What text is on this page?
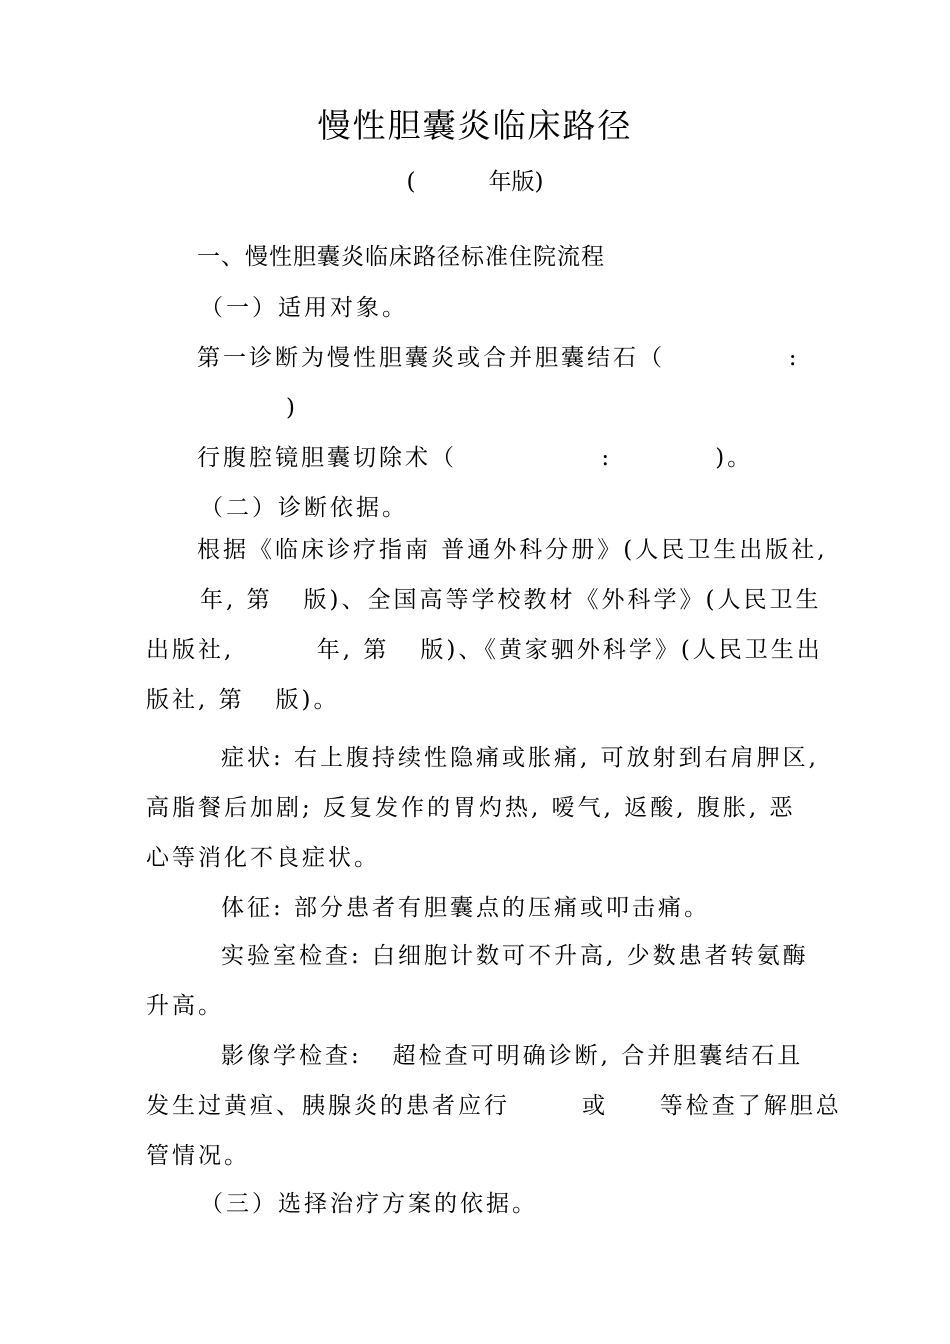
慢性胆囊炎临床路径
(          年版)
一、慢性胆囊炎临床路径标准住院流程
（一）适用对象。
第一诊断为慢性胆囊炎或合并胆囊结石（            :
)
行腹腔镜胆囊切除术（              :          )。
（二）诊断依据。
根据《临床诊疗指南 普通外科分册》(人民卫生出版社,
年, 第   版)、全国高等学校教材《外科学》(人民卫生
出版社,        年, 第   版)、《黄家驷外科学》(人民卫生出
版社, 第   版)。
症状: 右上腹持续性隐痛或胀痛, 可放射到右肩胛区,
高脂餐后加剧; 反复发作的胃灼热, 嗳气, 返酸, 腹胀, 恶
心等消化不良症状。
体征: 部分患者有胆囊点的压痛或叩击痛。
实验室检查: 白细胞计数可不升高, 少数患者转氨酶
升高。
影像学检查:   超检查可明确诊断, 合并胆囊结石且
发生过黄疸、胰腺炎的患者应行       或     等检查了解胆总
管情况。
（三）选择治疗方案的依据。
